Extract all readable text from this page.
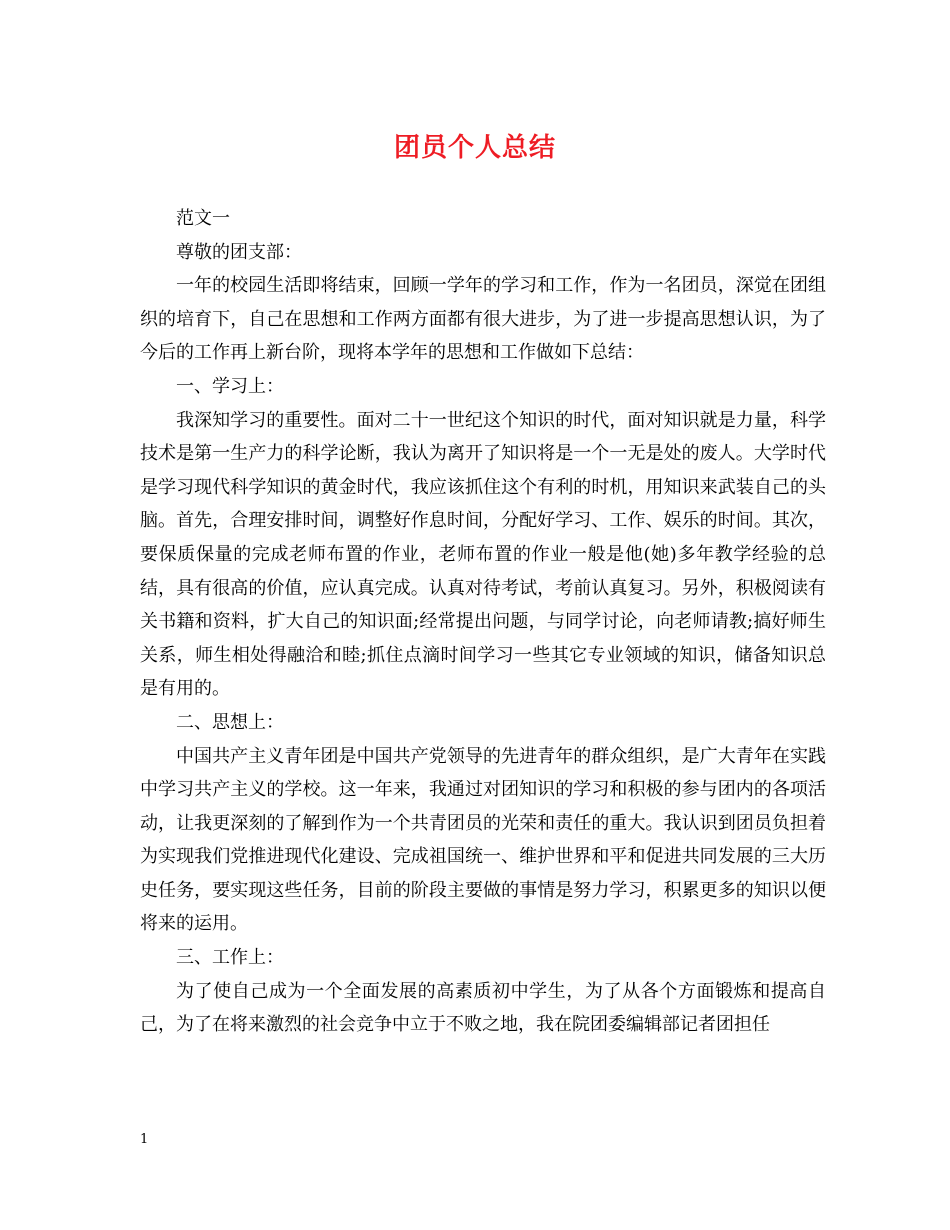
团员个人总结

范文一

尊敬的团支部：

一年的校园生活即将结束，回顾一学年的学习和工作，作为一名团员，深觉在团组织的培育下，自己在思想和工作两方面都有很大进步，为了进一步提高思想认识，为了今后的工作再上新台阶，现将本学年的思想和工作做如下总结：

一、学习上：

我深知学习的重要性。面对二十一世纪这个知识的时代，面对知识就是力量，科学技术是第一生产力的科学论断，我认为离开了知识将是一个一无是处的废人。大学时代是学习现代科学知识的黄金时代，我应该抓住这个有利的时机，用知识来武装自己的头脑。首先，合理安排时间，调整好作息时间，分配好学习、工作、娱乐的时间。其次，要保质保量的完成老师布置的作业，老师布置的作业一般是他(她)多年教学经验的总结，具有很高的价值，应认真完成。认真对待考试，考前认真复习。另外，积极阅读有关书籍和资料，扩大自己的知识面;经常提出问题，与同学讨论，向老师请教;搞好师生关系，师生相处得融洽和睦;抓住点滴时间学习一些其它专业领域的知识，储备知识总是有用的。

二、思想上：

中国共产主义青年团是中国共产党领导的先进青年的群众组织，是广大青年在实践中学习共产主义的学校。这一年来，我通过对团知识的学习和积极的参与团内的各项活动，让我更深刻的了解到作为一个共青团员的光荣和责任的重大。我认识到团员负担着为实现我们党推进现代化建设、完成祖国统一、维护世界和平和促进共同发展的三大历史任务，要实现这些任务，目前的阶段主要做的事情是努力学习，积累更多的知识以便将来的运用。

三、工作上：

为了使自己成为一个全面发展的高素质初中学生，为了从各个方面锻炼和提高自己，为了在将来激烈的社会竞争中立于不败之地，我在院团委编辑部记者团担任

1
